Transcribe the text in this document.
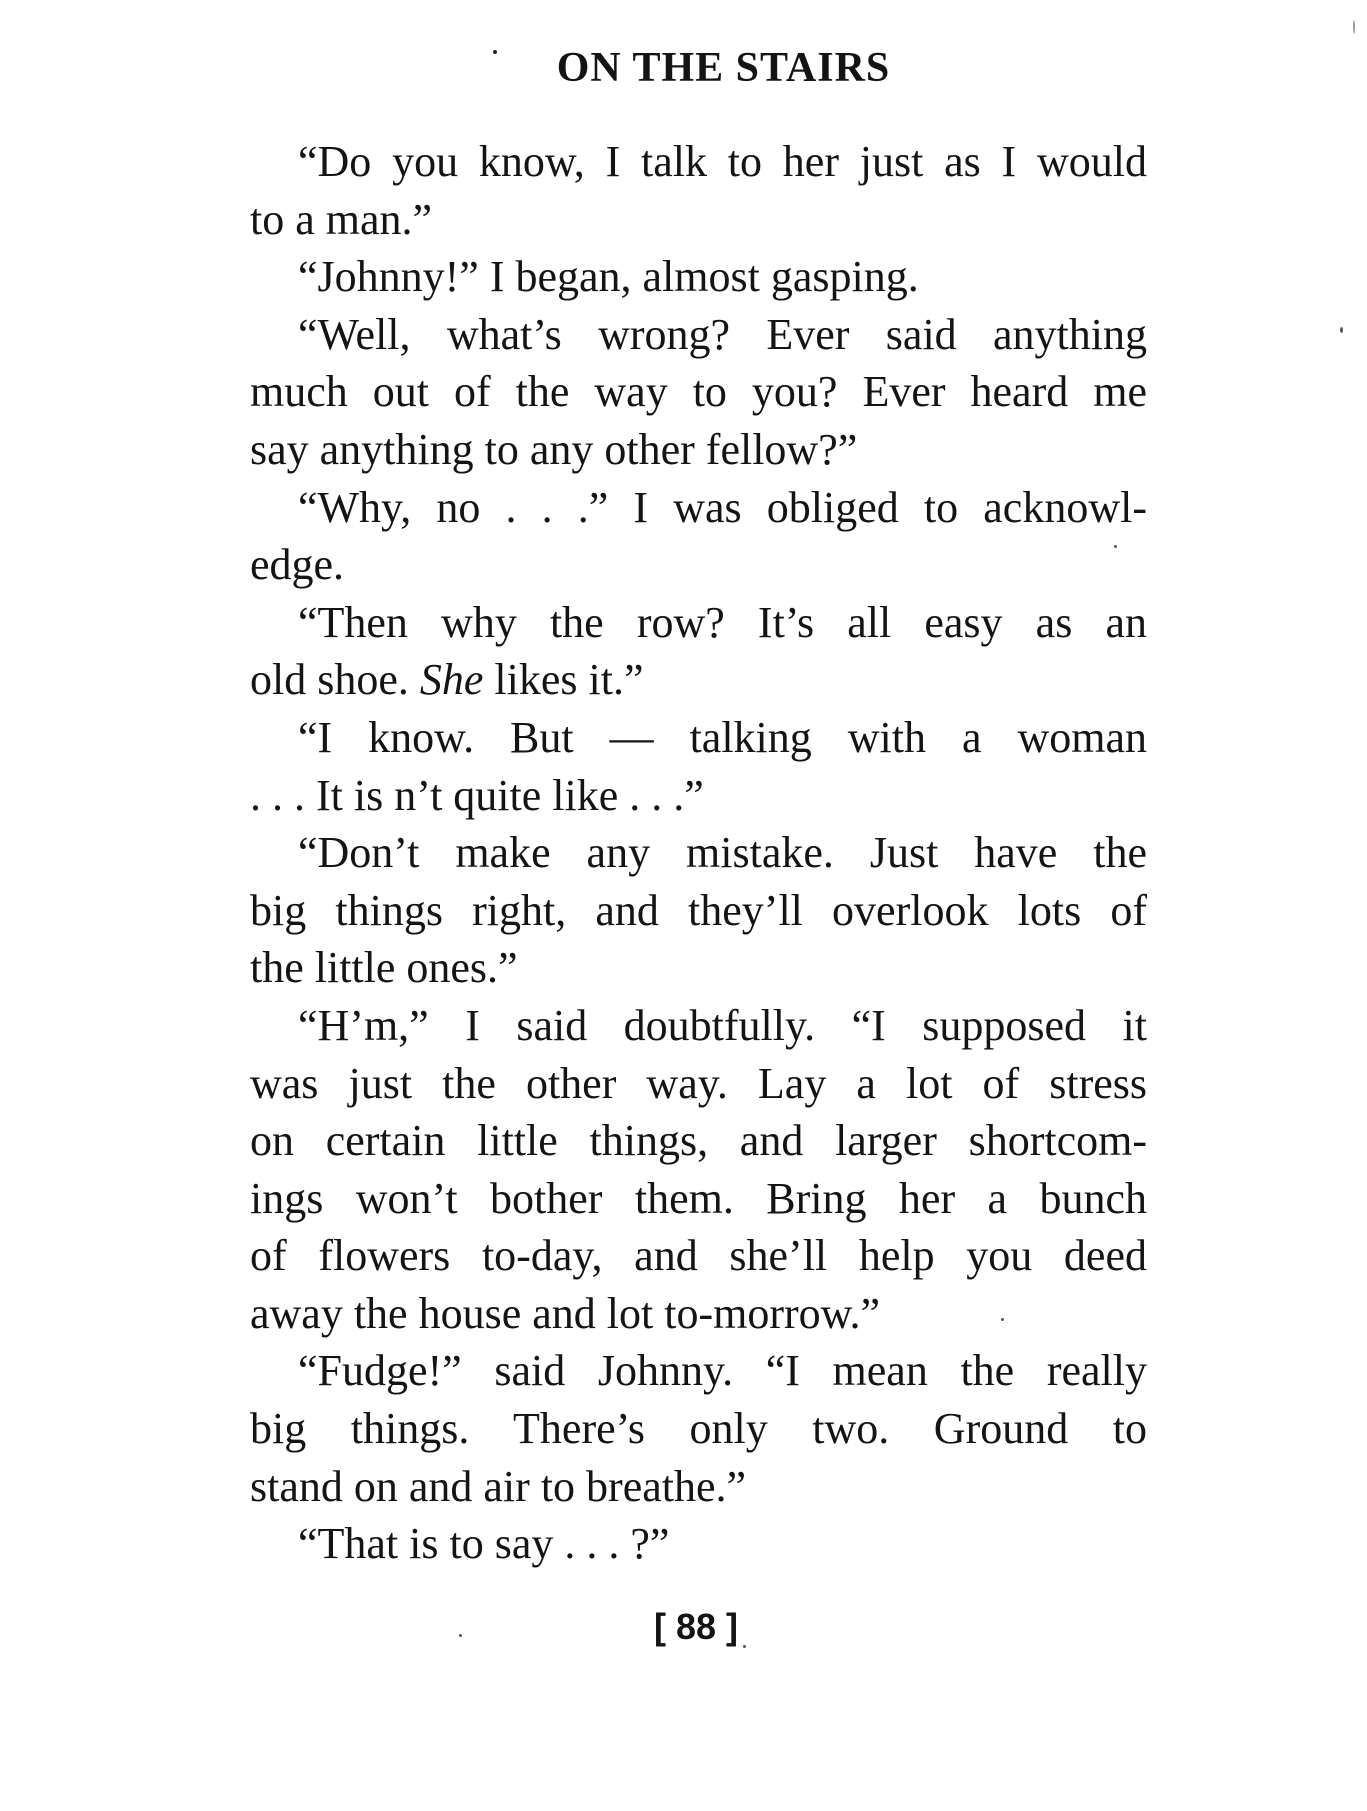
ON THE STAIRS
“Do you know, I talk to her just as I would
to a man.”
“Johnny!” I began, almost gasping.
“Well, what’s wrong? Ever said anything
much out of the way to you? Ever heard me
say anything to any other fellow?”
“Why, no . . .” I was obliged to acknowl-
edge.
“Then why the row? It’s all easy as an
old shoe. She likes it.”
“I know. But — talking with a woman
. . . It is n’t quite like . . .”
“Don’t make any mistake. Just have the
big things right, and they’ll overlook lots of
the little ones.”
“H’m,” I said doubtfully. “I supposed it
was just the other way. Lay a lot of stress
on certain little things, and larger shortcom-
ings won’t bother them. Bring her a bunch
of flowers to-day, and she’ll help you deed
away the house and lot to-morrow.”
“Fudge!” said Johnny. “I mean the really
big things. There’s only two. Ground to
stand on and air to breathe.”
“That is to say . . . ?”
[ 88 ]
